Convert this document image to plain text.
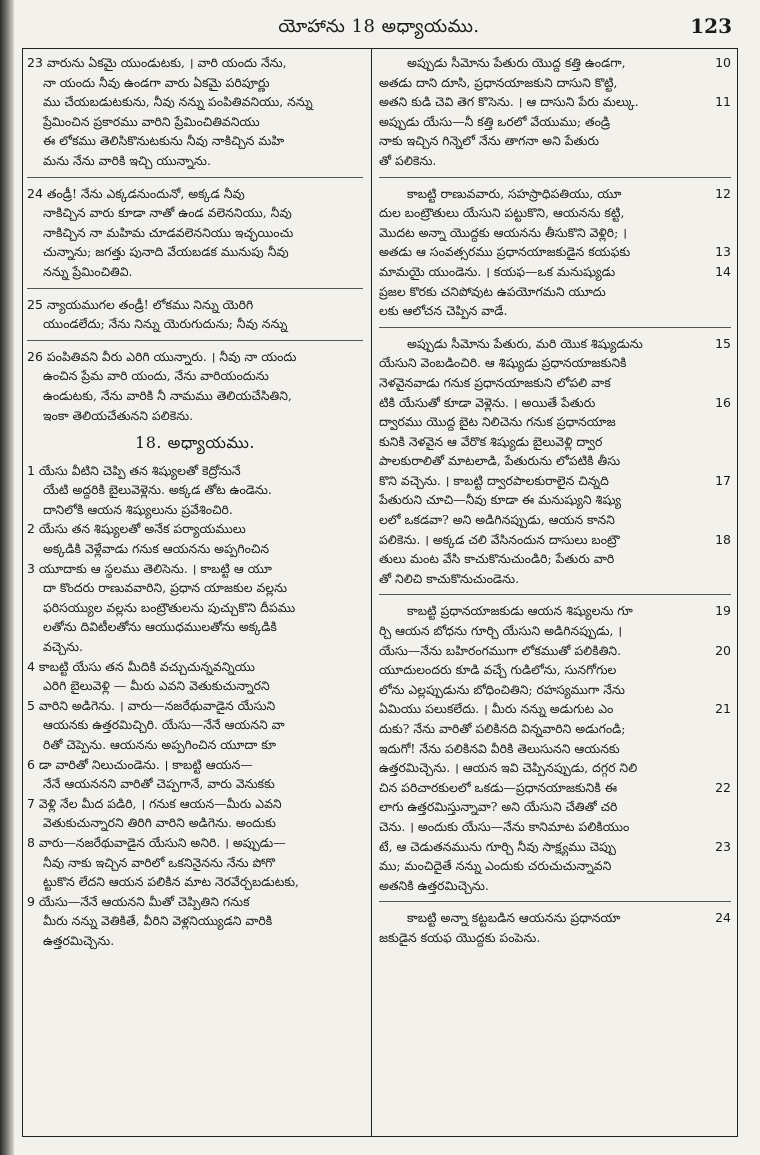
యోహాను 18 అధ్యాయము.	123
23 వారును ఏకమై యుండుటకు, । వారి యందు నేను,
నా యందు నీవు ఉండగా వారు ఏకమై పరిపూర్ణు
ము చేయబడుటకును, నీవు నన్ను పంపితివనియు, నన్ను
ప్రేమించిన ప్రకారము వారిని ప్రేమించితివనియు
ఈ లోకము తెలిసికొనుటకును నీవు నాకిచ్చిన మహి
మను నేను వారికి ఇచ్చి యున్నాను.
24 తండ్రీ! నేను ఎక్కడనుందునో, అక్కడ నీవు
నాకిచ్చిన వారు కూడా నాతో ఉండ వలెననియు, నీవు
నాకిచ్చిన నా మహిమ చూడవలెననియు ఇచ్ఛయించు
చున్నాను; జగత్తు పునాది వేయబడక మునుపు నీవు
నన్ను ప్రేమించితివి.
25 న్యాయముగల తండ్రీ! లోకము నిన్ను యెరిగి
యుండలేదు; నేను నిన్ను యెరుగుదును; నీవు నన్ను
26 పంపితివని వీరు ఎరిగి యున్నారు. । నీవు నా యందు
ఉంచిన ప్రేమ వారి యందు, నేను వారియందును
ఉండుటకు, నేను వారికి నీ నామము తెలియచేసితిని,
ఇంకా తెలియచేతునని పలికెను.
18. అధ్యాయము.
1 యేసు వీటిని చెప్పి తన శిష్యులతో కెద్రోనునే
యేటి అద్దరికి బైలువెళ్లెను. అక్కడ తోట ఉండెను.
దానిలోకి ఆయన శిష్యులును ప్రవేశించిరి.
2 యేసు తన శిష్యులతో అనేక పర్యాయములు
అక్కడికి వెళ్లేవాడు గనుక ఆయనను అప్పగించిన
3 యూదాకు ఆ స్థలము తెలిసెను. । కాబట్టి ఆ యూ
దా కొందరు రాణువవారిని, ప్రధాన యాజకుల వల్లను
ఫరిసయ్యుల వల్లను బంట్రౌతులను పుచ్చుకొని దీపము
లతోను దివిటీలతోను ఆయుధములతోను అక్కడికి
వచ్చెను.
4 కాబట్టి యేసు తన మీదికి వచ్చుచున్నవన్నియు
ఎరిగి బైలువెళ్లి — మీరు ఎవని వెతుకుచున్నారని
5 వారిని అడిగెను. । వారు—నజరేథువాడైన యేసుని
ఆయనకు ఉత్తరమిచ్చిరి. యేసు—నేనే ఆయనని వా
రితో చెప్పెను. ఆయనను అప్పగించిన యూదా కూ
6 డా వారితో నిలుచుండెను. । కాబట్టి ఆయన—
నేనే ఆయననని వారితో చెప్పగానే, వారు వెనుకకు
7 వెళ్లి నేల మీద పడిరి, । గనుక ఆయన—మీరు ఎవని
వెతుకుచున్నారని తిరిగి వారిని అడిగెను. అందుకు
8 వారు—నజరేథువాడైన యేసుని అనిరి. । అప్పుడు—
నీవు నాకు ఇచ్చిన వారిలో ఒకనినైనను నేను పోగొ
ట్టుకొన లేదని ఆయన పలికిన మాట నెరవేర్చబడుటకు,
9 యేసు—నేనే ఆయనని మీతో చెప్పితిని గనుక
మీరు నన్ను వెతికితే, వీరిని వెళ్లనియ్యుడని వారికి
ఉత్తరమిచ్చెను.
అప్పుడు సీమోను పేతురు యొద్ద కత్తి ఉండగా,	10
అతడు దాని దూసి, ప్రధానయాజకుని దాసుని కొట్టి,
అతని కుడి చెవి తెగ కొసెను. । ఆ దాసుని పేరు మల్కు.	11
అప్పుడు యేసు—నీ కత్తి ఒరలో వేయుము; తండ్రి
నాకు ఇచ్చిన గిన్నెలో నేను తాగనా అని పేతురు
తో పలికెను.
కాబట్టి రాణువవారు, సహస్రాధిపతియు, యూ	12
దుల బంట్రౌతులు యేసుని పట్టుకొని, ఆయనను కట్టి,
మొదట అన్నా యొద్దకు ఆయనను తీసుకొని వెళ్లిరి; ।
అతడు ఆ సంవత్సరము ప్రధానయాజకుడైన కయఫకు	13
మామయై యుండెను. । కయఫ—ఒక మనుష్యుడు	14
ప్రజల కొరకు చనిపోవుట ఉపయోగమని యూదు
లకు ఆలోచన చెప్పిన వాడే.
అప్పుడు సీమోను పేతురు, మరి యొక శిష్యుడును	15
యేసుని వెంబడించిరి. ఆ శిష్యుడు ప్రధానయాజకునికి
నెళవైనవాడు గనుక ప్రధానయాజకుని లోపలి వాక
టికి యేసుతో కూడా వెళ్లెను. । అయితే పేతురు	16
ద్వారము యొద్ద బైట నిలిచెను గనుక ప్రధానయాజ
కునికి నెళవైన ఆ వేరొక శిష్యుడు బైలువెళ్లి ద్వార
పాలకురాలితో మాటలాడి, పేతురును లోపటికి తీసు
కొని వచ్చెను. । కాబట్టి ద్వారపాలకురాలైన చిన్నది	17
పేతురుని చూచి—నీవు కూడా ఈ మనుష్యుని శిష్యు
లలో ఒకడవా? అని అడిగినప్పుడు, ఆయన కానని
పలికెను. । అక్కడ చలి వేసినందున దాసులు బంట్రౌ	18
తులు మంట వేసి కాచుకొనుచుండిరి; పేతురు వారి
తో నిలిచి కాచుకొనుచుండెను.
కాబట్టి ప్రధానయాజకుడు ఆయన శిష్యులను గూ	19
ర్చి ఆయన బోధను గూర్చి యేసుని అడిగినప్పుడు, ।
యేసు—నేను బహిరంగముగా లోకముతో పలికితిని.	20
యూదులందరు కూడి వచ్చే గుడిలోను, సునగోగుల
లోను ఎల్లప్పుడును బోధించితిని; రహస్యముగా నేను
ఏమియు పలుకలేదు. । మీరు నన్ను అడుగుట ఎం	21
దుకు? నేను వారితో పలికినది విన్నవారిని అడుగండి;
ఇదుగో! నేను పలికినవి వీరికి తెలుసునని ఆయనకు
ఉత్తరమిచ్చెను. । ఆయన ఇవి చెప్పినప్పుడు, దగ్గర నిలి
చిన పరిచారకులలో ఒకడు—ప్రధానయాజకునికి ఈ	22
లాగు ఉత్తరమిస్తున్నావా? అని యేసుని చేతితో చరి
చెను. । అందుకు యేసు—నేను కానిమాట పలికియుం
టే, ఆ చెడుతనమును గూర్చి నీవు సాక్ష్యము చెప్పు	23
ము; మంచిదైతే నన్ను ఎందుకు చరుచుచున్నావని
అతనికి ఉత్తరమిచ్చెను.
కాబట్టి అన్నా కట్టబడిన ఆయనను ప్రధానయా	24
జకుడైన కయఫ యొద్దకు పంపెను.
